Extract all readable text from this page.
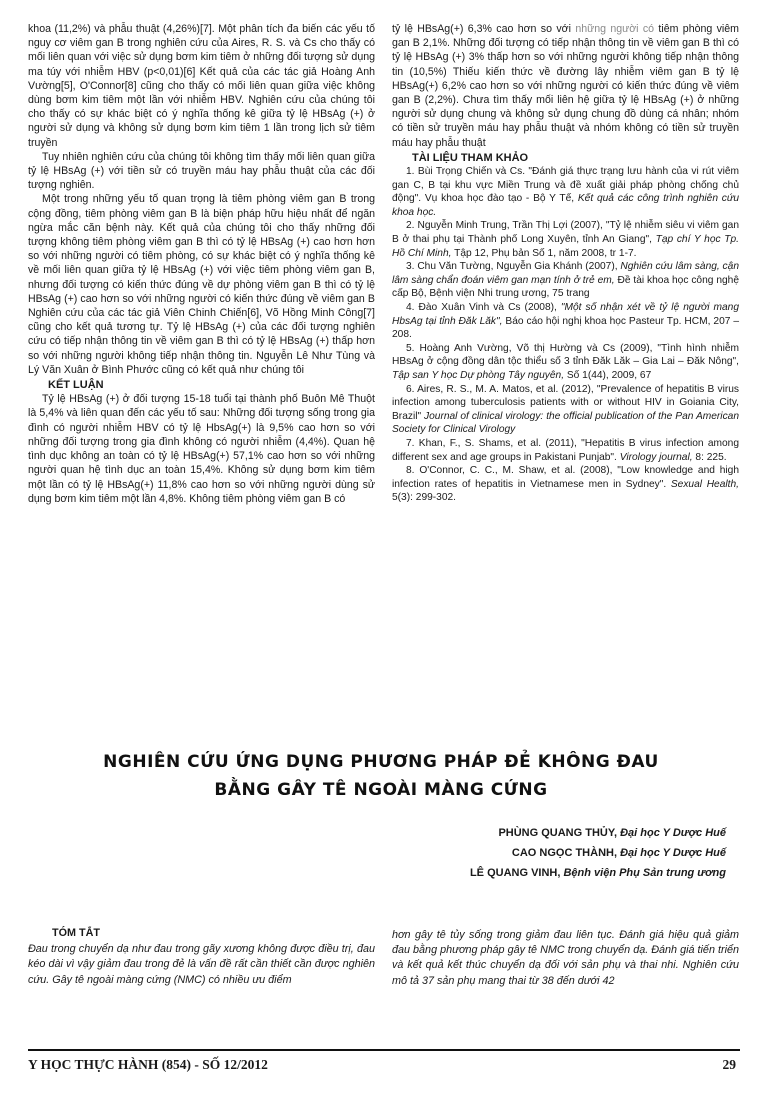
khoa (11,2%) và phẫu thuật (4,26%)[7]. Một phân tích đa biến các yếu tố nguy cơ viêm gan B trong nghiên cứu của Aires, R. S. và Cs cho thấy có mối liên quan với việc sử dụng bơm kim tiêm ở những đối tượng sử dụng ma túy với nhiễm HBV (p<0,01)[6] Kết quả của các tác giả Hoàng Anh Vường[5], O'Connor[8] cũng cho thấy có mối liên quan giữa việc không dùng bơm kim tiêm một lần với nhiễm HBV. Nghiên cứu của chúng tôi cho thấy có sự khác biệt có ý nghĩa thống kê giữa tỷ lệ HBsAg (+) ở người sử dụng và không sử dụng bơm kim tiêm 1 lần trong lịch sử tiêm truyền

Tuy nhiên nghiên cứu của chúng tôi không tìm thấy mối liên quan giữa tỷ lệ HBsAg (+) với tiền sử có truyền máu hay phẫu thuật của các đối tượng nghiên.

Một trong những yếu tố quan trọng là tiêm phòng viêm gan B trong cộng đồng, tiêm phòng viêm gan B là biện pháp hữu hiệu nhất để ngăn ngừa mắc căn bệnh này. Kết quả của chúng tôi cho thấy những đối tượng không tiêm phòng viêm gan B thì có tỷ lệ HBsAg (+) cao hơn hơn so với những người có tiêm phòng, có sự khác biệt có ý nghĩa thống kê về mối liên quan giữa tỷ lệ HBsAg (+) với việc tiêm phòng viêm gan B, nhưng đối tượng có kiến thức đúng về dự phòng viêm gan B thì có tỷ lệ HBsAg (+) cao hơn so với những người có kiến thức đúng về viêm gan B Nghiên cứu của các tác giả Viên Chinh Chiến[6], Võ Hồng Minh Công[7] cũng cho kết quả tương tự. Tỷ lệ HBsAg (+) của các đối tượng nghiên cứu có tiếp nhận thông tin về viêm gan B thì có tỷ lệ HBsAg (+) thấp hơn so với những người không tiếp nhận thông tin. Nguyễn Lê Như Tùng và Lý Văn Xuân ở Bình Phước cũng có kết quả như chúng tôi

KẾT LUẬN

Tỷ lệ HBsAg (+) ở đối tượng 15-18 tuổi tại thành phố Buôn Mê Thuột là 5,4% và liên quan đến các yếu tố sau: Những đối tượng sống trong gia đình có người nhiễm HBV có tỷ lệ HbsAg(+) là 9,5% cao hơn so với những đối tượng trong gia đình không có người nhiễm (4,4%). Quan hệ tình dục không an toàn có tỷ lệ HBsAg(+) 57,1% cao hơn so với những người quan hệ tình dục an toàn 15,4%. Không sử dụng bơm kim tiêm một lần có tỷ lệ HBsAg(+) 11,8% cao hơn so với những người dùng sử dụng bơm kim tiêm một lần 4,8%. Không tiêm phòng viêm gan B có

tỷ lệ HBsAg(+) 6,3% cao hơn so với những người có tiêm phòng viêm gan B 2,1%. Những đối tượng có tiếp nhận thông tin về viêm gan B thì có tỷ lệ HBsAg (+) 3% thấp hơn so với những người không tiếp nhận thông tin (10,5%) Thiếu kiến thức về đường lây nhiễm viêm gan B tỷ lệ HBsAg(+) 6,2% cao hơn so với những người có kiến thức đúng về viêm gan B (2,2%). Chưa tìm thấy mối liên hệ giữa tỷ lệ HBsAg (+) ở những người sử dụng chung và không sử dụng chung đồ dùng cá nhân; nhóm có tiền sử truyền máu hay phẫu thuật và nhóm không có tiền sử truyền máu hay phẫu thuật

TÀI LIỆU THAM KHẢO

1. Bùi Trọng Chiến và Cs. "Đánh giá thực trạng lưu hành của vi rút viêm gan C, B tại khu vực Miền Trung và đề xuất giải pháp phòng chống chủ động". Vụ khoa học đào tạo - Bộ Y Tế, Kết quả các công trình nghiên cứu khoa học.

2. Nguyễn Minh Trung, Trần Thị Lợi (2007), "Tỷ lệ nhiễm siêu vi viêm gan B ở thai phụ tại Thành phố Long Xuyên, tỉnh An Giang", Tạp chí Y học Tp. Hồ Chí Minh, Tập 12, Phụ bản Số 1, năm 2008, tr 1-7.

3. Chu Văn Tường, Nguyễn Gia Khánh (2007), Nghiên cứu lâm sàng, cận lâm sàng chẩn đoán viêm gan mạn tính ở trẻ em, Đề tài khoa học công nghệ cấp Bộ, Bệnh viện Nhi trung ương, 75 trang

4. Đào Xuân Vinh và Cs (2008), "Một số nhận xét về tỷ lệ người mang HbsAg tại tỉnh Đăk Lăk", Báo cáo hội nghị khoa học Pasteur Tp. HCM, 207 – 208.

5. Hoàng Anh Vường, Võ thị Hường và Cs (2009), "Tình hình nhiễm HBsAg ở cộng đồng dân tộc thiểu số 3 tỉnh Đăk Lăk – Gia Lai – Đăk Nông", Tập san Y học Dự phòng Tây nguyên, Số 1(44), 2009, 67

6. Aires, R. S., M. A. Matos, et al. (2012), "Prevalence of hepatitis B virus infection among tuberculosis patients with or without HIV in Goiania City, Brazil" Journal of clinical virology: the official publication of the Pan American Society for Clinical Virology

7. Khan, F., S. Shams, et al. (2011), "Hepatitis B virus infection among different sex and age groups in Pakistani Punjab". Virology journal, 8: 225.

8. O'Connor, C. C., M. Shaw, et al. (2008), "Low knowledge and high infection rates of hepatitis in Vietnamese men in Sydney". Sexual Health, 5(3): 299-302.

NGHIÊN CỨU ỨNG DỤNG PHƯƠNG PHÁP ĐẺ KHÔNG ĐAU
BẰNG GÂY TÊ NGOÀI MÀNG CỨNG
PHÙNG QUANG THỦY, Đại học Y Dược Huế
CAO NGỌC THÀNH, Đại học Y Dược Huế
LÊ QUANG VINH, Bệnh viện Phụ Sản trung ương
TÓM TẮT
Đau trong chuyển dạ như đau trong gãy xương không được điều trị, đau kéo dài vì vậy giảm đau trong đẻ là vấn đề rất cần thiết cần được nghiên cứu. Gây tê ngoài màng cứng (NMC) có nhiều ưu điểm
hơn gây tê tủy sống trong giảm đau liên tục. Đánh giá hiệu quả giảm đau bằng phương pháp gây tê NMC trong chuyển dạ. Đánh giá tiến triển và kết quả kết thúc chuyển dạ đối với sản phụ và thai nhi. Nghiên cứu mô tả 37 sản phụ mang thai từ 38 đến dưới 42
Y HỌC THỰC HÀNH (854) - SỐ 12/2012	29
